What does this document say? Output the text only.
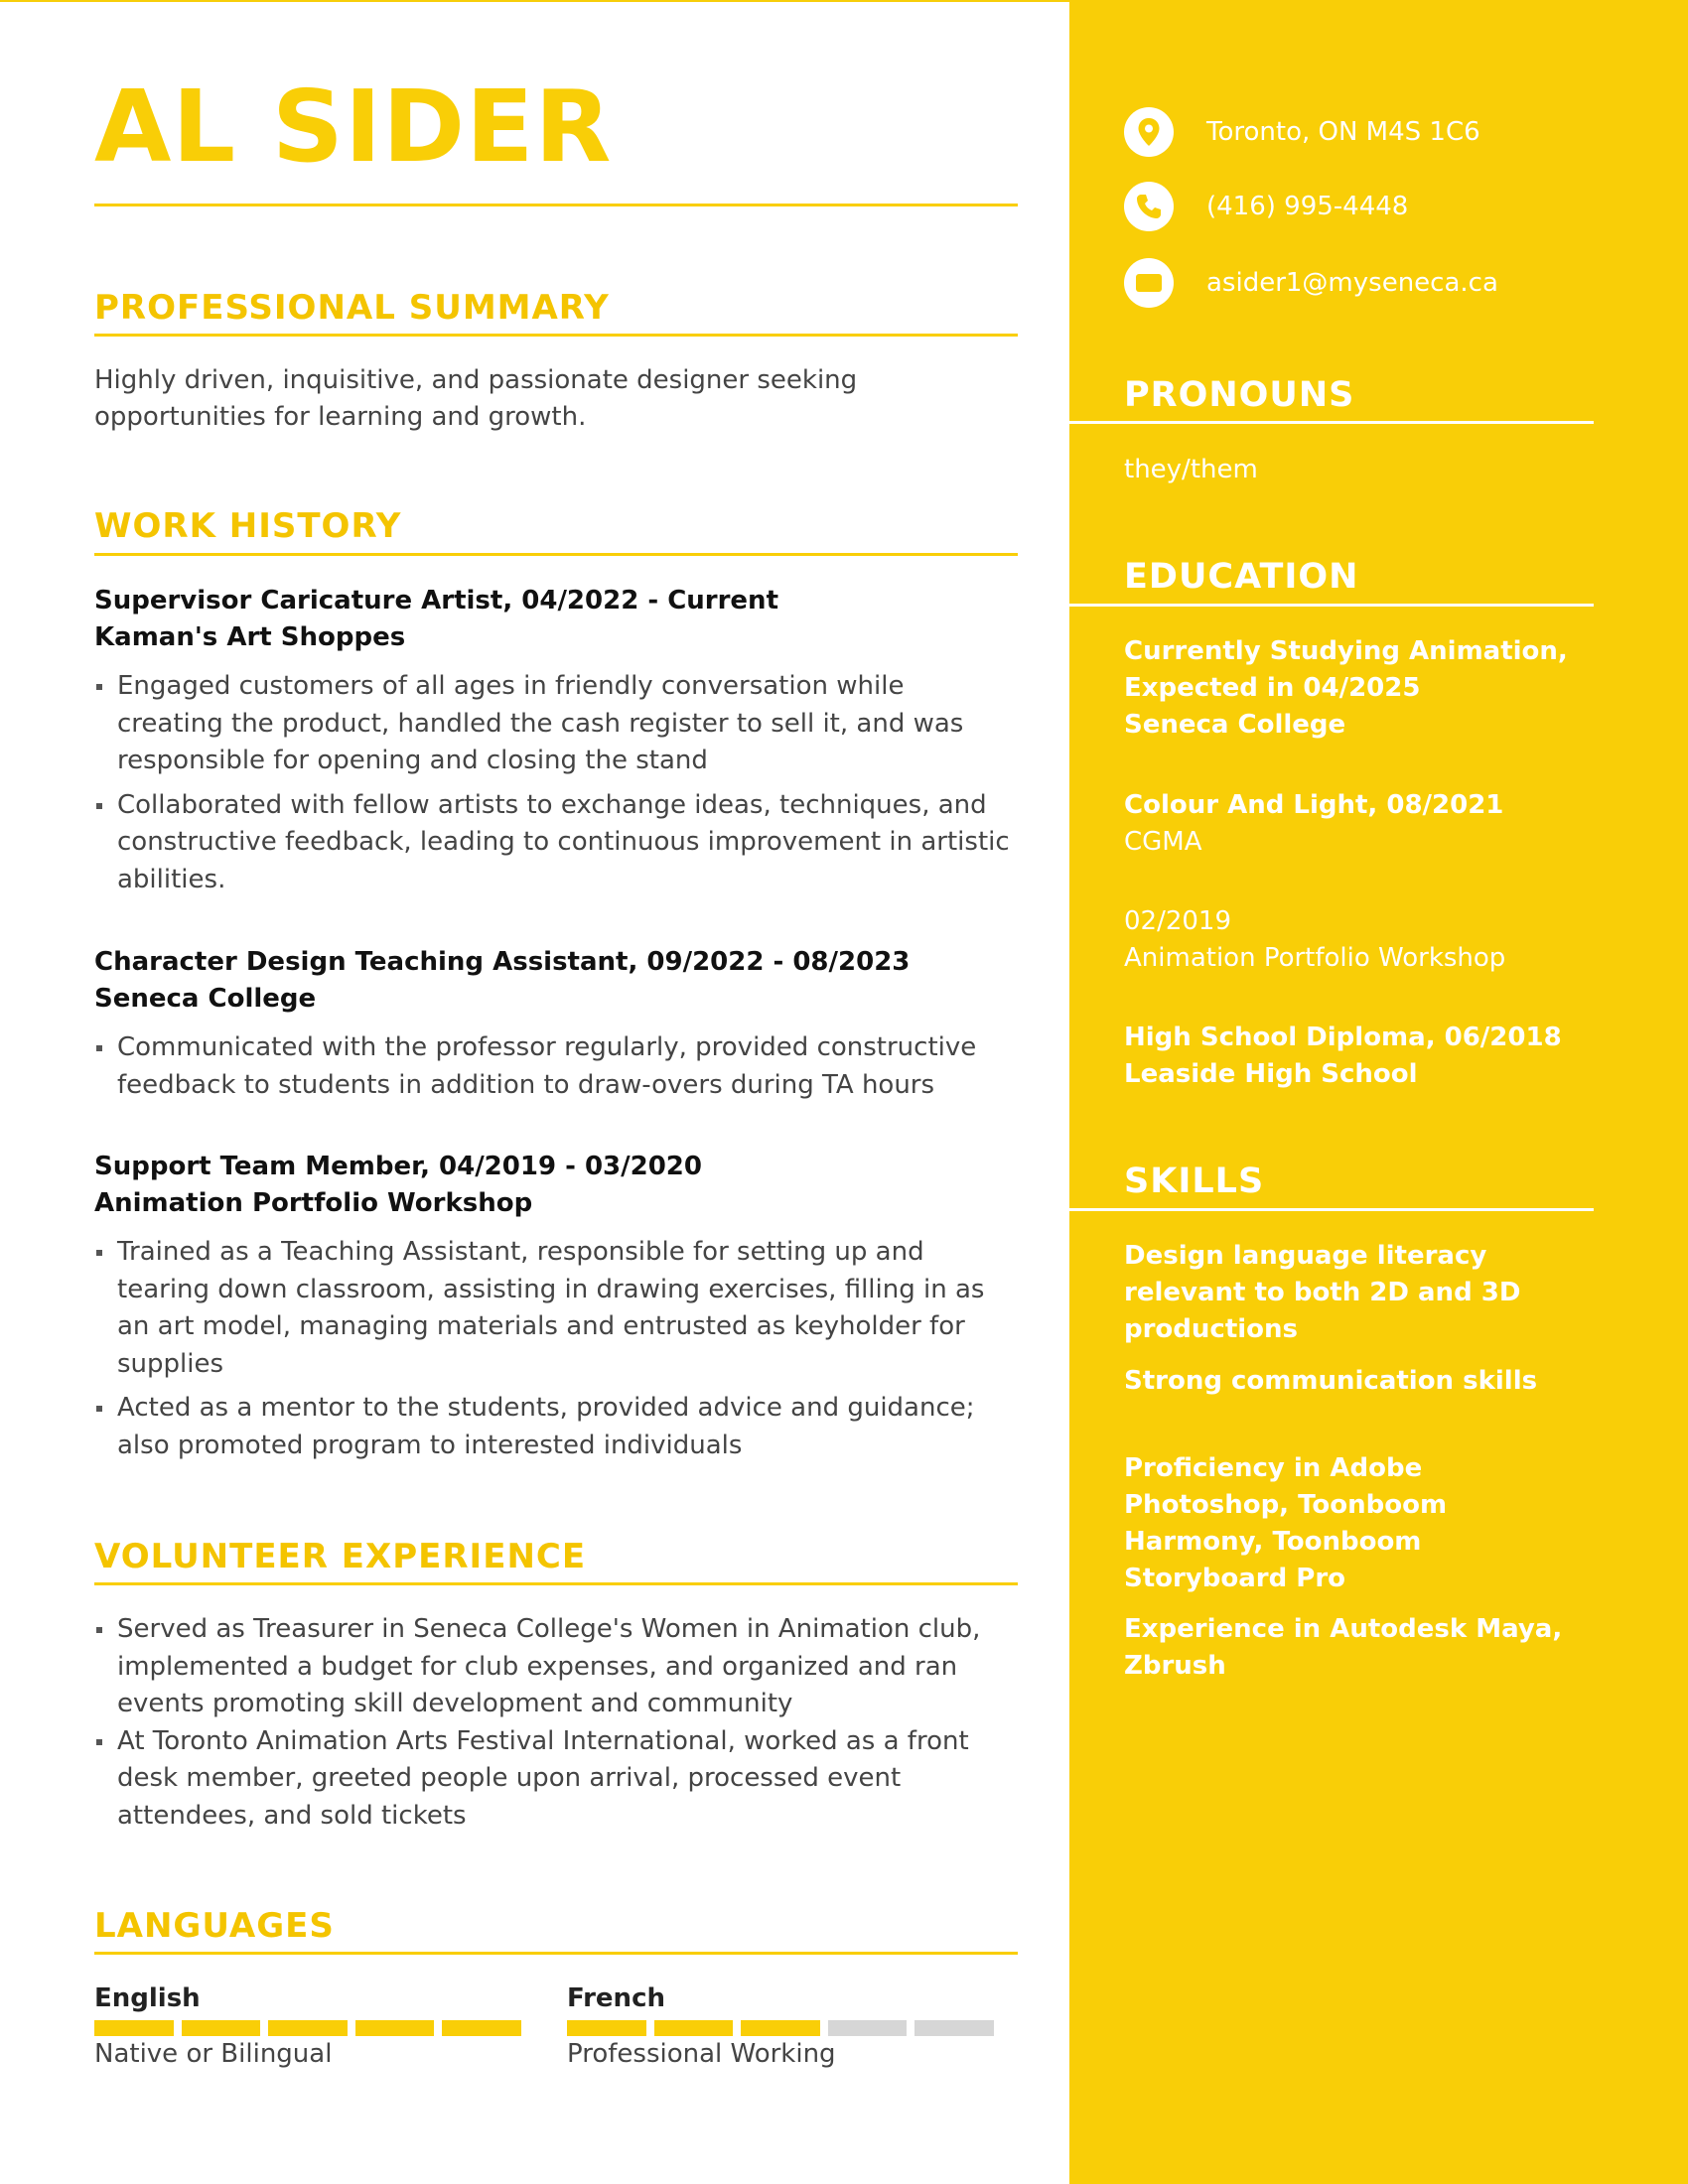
AL SIDER
PROFESSIONAL SUMMARY

Highly driven, inquisitive, and passionate designer seeking opportunities for learning and growth.

WORK HISTORY
Supervisor Caricature Artist, 04/2022 - Current
Kaman's Art Shoppes
Engaged customers of all ages in friendly conversation while creating the product, handled the cash register to sell it, and was responsible for opening and closing the stand
Collaborated with fellow artists to exchange ideas, techniques, and constructive feedback, leading to continuous improvement in artistic abilities.
Character Design Teaching Assistant, 09/2022 - 08/2023
Seneca College
Communicated with the professor regularly, provided constructive feedback to students in addition to draw-overs during TA hours
Support Team Member, 04/2019 - 03/2020
Animation Portfolio Workshop
Trained as a Teaching Assistant, responsible for setting up and tearing down classroom, assisting in drawing exercises, filling in as an art model, managing materials and entrusted as keyholder for supplies
Acted as a mentor to the students, provided advice and guidance; also promoted program to interested individuals
VOLUNTEER EXPERIENCE
Served as Treasurer in Seneca College's Women in Animation club, implemented a budget for club expenses, and organized and ran events promoting skill development and community
At Toronto Animation Arts Festival International, worked as a front desk member, greeted people upon arrival, processed event attendees, and sold tickets
LANGUAGES
English
Native or Bilingual
French
Professional Working
Toronto, ON M4S 1C6
(416) 995-4448
asider1@myseneca.ca
PRONOUNS
they/them
EDUCATION
Currently Studying Animation,
Expected in 04/2025
Seneca College
Colour And Light, 08/2021
CGMA
02/2019
Animation Portfolio Workshop
High School Diploma, 06/2018
Leaside High School
SKILLS
Design language literacy relevant to both 2D and 3D productions
Strong communication skills
Proficiency in Adobe Photoshop, Toonboom Harmony, Toonboom Storyboard Pro
Experience in Autodesk Maya, Zbrush
